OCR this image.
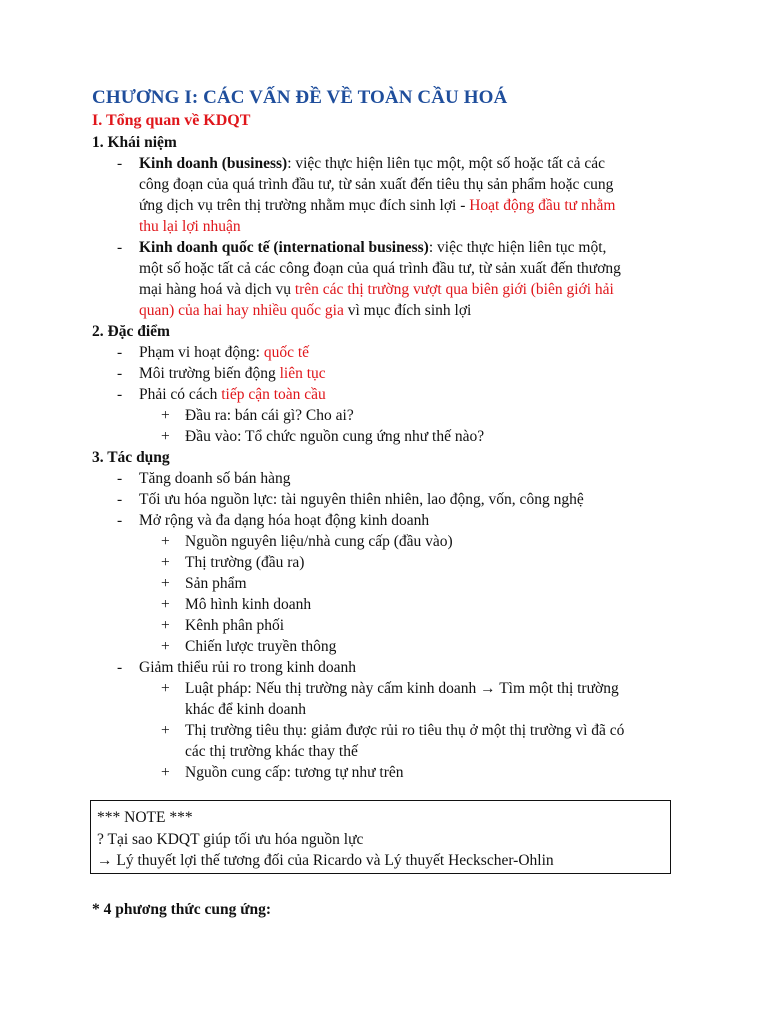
CHƯƠNG I: CÁC VẤN ĐỀ VỀ TOÀN CẦU HOÁ
I. Tổng quan về KDQT
1. Khái niệm
- Kinh doanh (business): việc thực hiện liên tục một, một số hoặc tất cả các
công đoạn của quá trình đầu tư, từ sản xuất đến tiêu thụ sản phẩm hoặc cung
ứng dịch vụ trên thị trường nhằm mục đích sinh lợi - Hoạt động đầu tư nhằm
thu lại lợi nhuận
- Kinh doanh quốc tế (international business): việc thực hiện liên tục một,
một số hoặc tất cả các công đoạn của quá trình đầu tư, từ sản xuất đến thương
mại hàng hoá và dịch vụ trên các thị trường vượt qua biên giới (biên giới hải
quan) của hai hay nhiều quốc gia vì mục đích sinh lợi
2. Đặc điểm
- Phạm vi hoạt động: quốc tế
- Môi trường biến động liên tục
- Phải có cách tiếp cận toàn cầu
+ Đầu ra: bán cái gì? Cho ai?
+ Đầu vào: Tổ chức nguồn cung ứng như thế nào?
3. Tác dụng
- Tăng doanh số bán hàng
- Tối ưu hóa nguồn lực: tài nguyên thiên nhiên, lao động, vốn, công nghệ
- Mở rộng và đa dạng hóa hoạt động kinh doanh
+ Nguồn nguyên liệu/nhà cung cấp (đầu vào)
+ Thị trường (đầu ra)
+ Sản phẩm
+ Mô hình kinh doanh
+ Kênh phân phối
+ Chiến lược truyền thông
- Giảm thiểu rủi ro trong kinh doanh
+ Luật pháp: Nếu thị trường này cấm kinh doanh → Tìm một thị trường
khác để kinh doanh
+ Thị trường tiêu thụ: giảm được rủi ro tiêu thụ ở một thị trường vì đã có
các thị trường khác thay thế
+ Nguồn cung cấp: tương tự như trên
*** NOTE ***
? Tại sao KDQT giúp tối ưu hóa nguồn lực
→ Lý thuyết lợi thế tương đối của Ricardo và Lý thuyết Heckscher-Ohlin
* 4 phương thức cung ứng:
